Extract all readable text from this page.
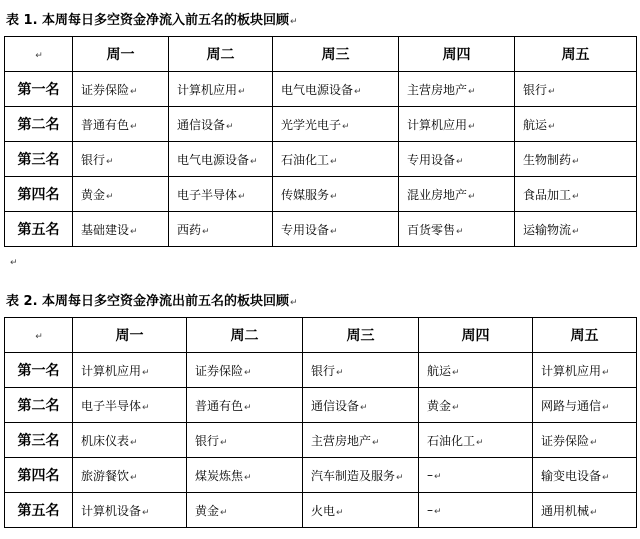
表 1. 本周每日多空资金净流入前五名的板块回顾↵
↵	周一	周二	周三	周四	周五
第一名	证券保险↵	计算机应用↵	电气电源设备↵	主营房地产↵	银行↵
第二名	普通有色↵	通信设备↵	光学光电子↵	计算机应用↵	航运↵
第三名	银行↵	电气电源设备↵	石油化工↵	专用设备↵	生物制药↵
第四名	黄金↵	电子半导体↵	传媒服务↵	混业房地产↵	食品加工↵
第五名	基础建设↵	西药↵	专用设备↵	百货零售↵	运输物流↵
↵
表 2. 本周每日多空资金净流出前五名的板块回顾↵
↵	周一	周二	周三	周四	周五
第一名	计算机应用↵	证券保险↵	银行↵	航运↵	计算机应用↵
第二名	电子半导体↵	普通有色↵	通信设备↵	黄金↵	网路与通信↵
第三名	机床仪表↵	银行↵	主营房地产↵	石油化工↵	证券保险↵
第四名	旅游餐饮↵	煤炭炼焦↵	汽车制造及服务↵	–↵	输变电设备↵
第五名	计算机设备↵	黄金↵	火电↵	–↵	通用机械↵
